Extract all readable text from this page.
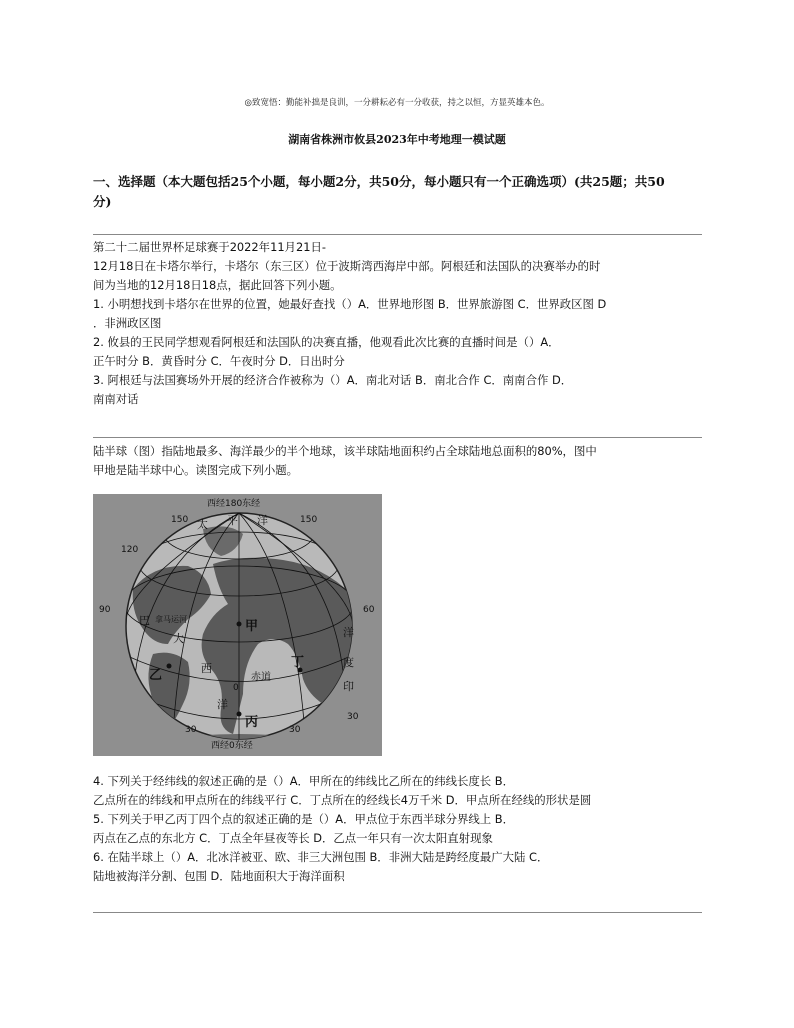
◎致宽悟：勤能补拙是良训，一分耕耘必有一分收获，持之以恒，方显英雄本色。
湖南省株洲市攸县2023年中考地理一模试题
一、选择题（本大题包括25个小题，每小题2分，共50分，每小题只有一个正确选项）(共25题；共50
分)

第二十二届世界杯足球赛于2022年11月21日-

12月18日在卡塔尔举行，卡塔尔（东三区）位于波斯湾西海岸中部。阿根廷和法国队的决赛举办的时

间为当地的12月18日18点，据此回答下列小题。

1. 小明想找到卡塔尔在世界的位置，她最好查找（）A．世界地形图 B．世界旅游图 C．世界政区图 D

．非洲政区图

2. 攸县的王民同学想观看阿根廷和法国队的决赛直播，他观看此次比赛的直播时间是（）A．

正午时分 B．黄昏时分 C．午夜时分 D．日出时分

3. 阿根廷与法国赛场外开展的经济合作被称为（）A．南北对话 B．南北合作 C．南南合作 D．

南南对话

陆半球（图）指陆地最多、海洋最少的半个地球，该半球陆地面积约占全球陆地总面积的80%，图中

甲地是陆半球中心。读图完成下列小题。

西经180东经
西经0东经
150	150
120
90	60
30	30
30
0
太 平 洋
巴 拿马运河
大
西
洋
印
度
洋
赤道
甲
乙
丙
丁

4. 下列关于经纬线的叙述正确的是（）A．甲所在的纬线比乙所在的纬线长度长 B．

乙点所在的纬线和甲点所在的纬线平行 C．丁点所在的经线长4万千米 D．甲点所在经线的形状是圆

5. 下列关于甲乙丙丁四个点的叙述正确的是（）A．甲点位于东西半球分界线上 B．

丙点在乙点的东北方 C．丁点全年昼夜等长 D．乙点一年只有一次太阳直射现象

6. 在陆半球上（）A．北冰洋被亚、欧、非三大洲包围 B．非洲大陆是跨经度最广大陆 C．

陆地被海洋分割、包围 D．陆地面积大于海洋面积
